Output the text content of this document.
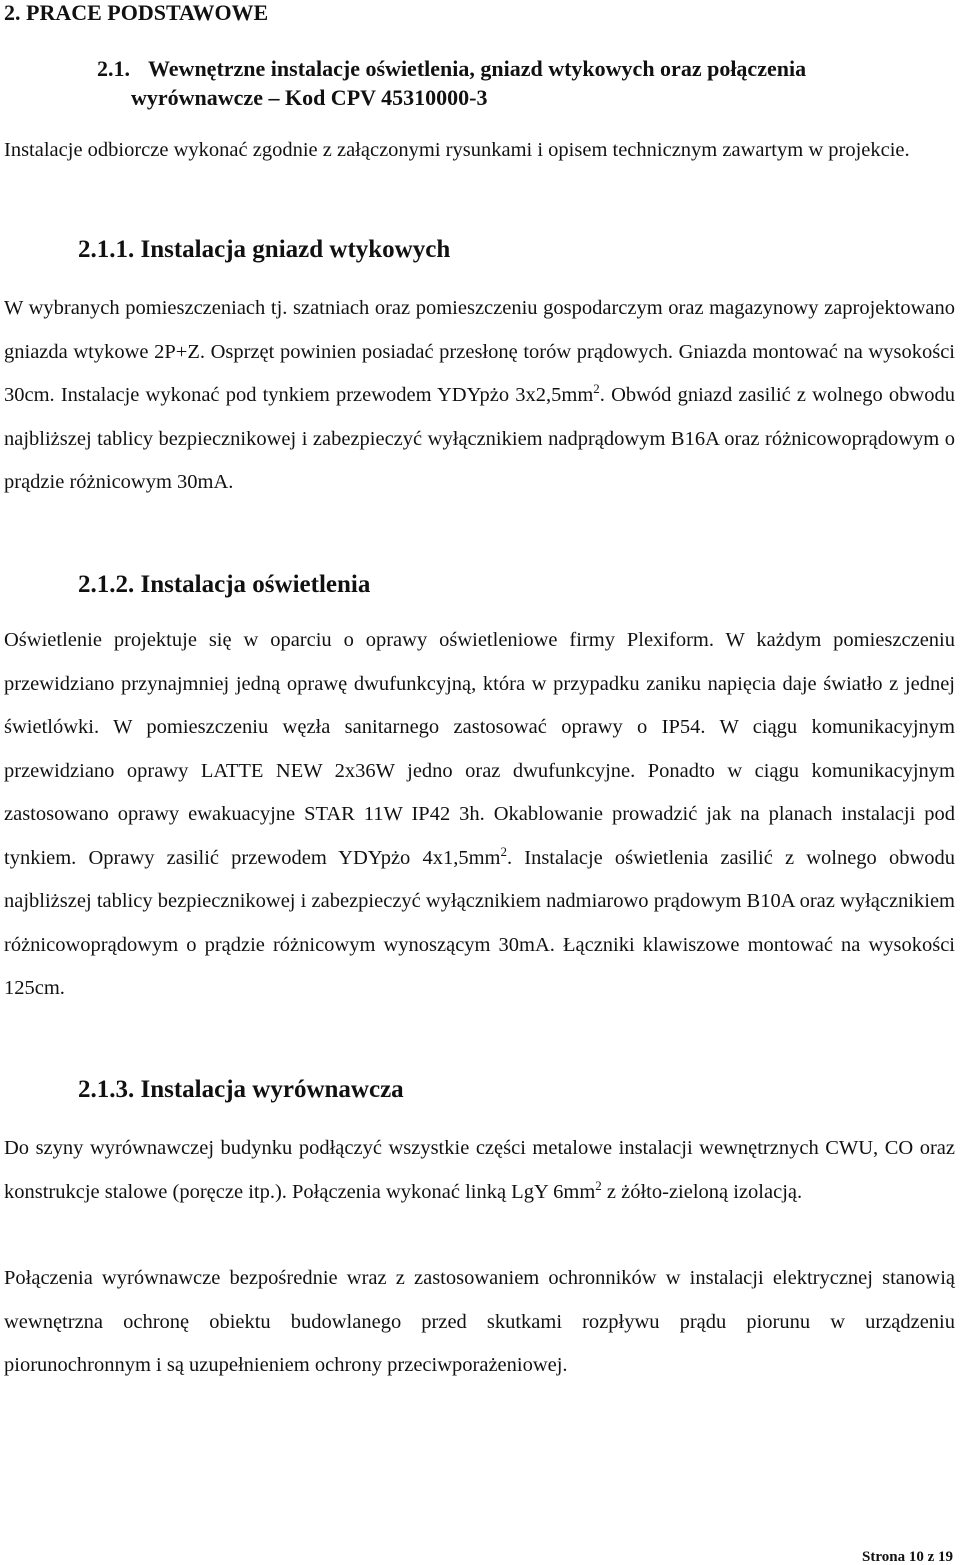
2. PRACE PODSTAWOWE
2.1. Wewnętrzne instalacje oświetlenia, gniazd wtykowych oraz połączenia
wyrównawcze – Kod CPV 45310000-3

Instalacje odbiorcze wykonać zgodnie z załączonymi rysunkami i opisem technicznym zawartym w projekcie.

2.1.1. Instalacja gniazd wtykowych

W wybranych pomieszczeniach tj. szatniach oraz pomieszczeniu gospodarczym oraz magazynowy zaprojektowano gniazda wtykowe 2P+Z. Osprzęt powinien posiadać przesłonę torów prądowych. Gniazda montować na wysokości 30cm. Instalacje wykonać pod tynkiem przewodem YDYpżo $3x2,5mm^2$. Obwód gniazd zasilić z wolnego obwodu najbliższej tablicy bezpiecznikowej i zabezpieczyć wyłącznikiem nadprądowym B16A oraz różnicowoprądowym o prądzie różnicowym 30mA.

2.1.2. Instalacja oświetlenia

Oświetlenie projektuje się w oparciu o oprawy oświetleniowe firmy Plexiform. W każdym pomieszczeniu przewidziano przynajmniej jedną oprawę dwufunkcyjną, która w przypadku zaniku napięcia daje światło z jednej świetlówki. W pomieszczeniu węzła sanitarnego zastosować oprawy o IP54. W ciągu komunikacyjnym przewidziano oprawy LATTE NEW 2x36W jedno oraz dwufunkcyjne. Ponadto w ciągu komunikacyjnym zastosowano oprawy ewakuacyjne STAR 11W IP42 3h. Okablowanie prowadzić jak na planach instalacji pod tynkiem. Oprawy zasilić przewodem YDYpżo $4x1,5mm^2$. Instalacje oświetlenia zasilić z wolnego obwodu najbliższej tablicy bezpiecznikowej i zabezpieczyć wyłącznikiem nadmiarowo prądowym B10A oraz wyłącznikiem różnicowoprądowym o prądzie różnicowym wynoszącym 30mA. Łączniki klawiszowe montować na wysokości 125cm.

2.1.3. Instalacja wyrównawcza

Do szyny wyrównawczej budynku podłączyć wszystkie części metalowe instalacji wewnętrznych CWU, CO oraz konstrukcje stalowe (poręcze itp.). Połączenia wykonać linką LgY $6mm^2$ z żółto-zieloną izolacją.

Połączenia wyrównawcze bezpośrednie wraz z zastosowaniem ochronników w instalacji elektrycznej stanowią wewnętrzna ochronę obiektu budowlanego przed skutkami rozpływu prądu piorunu w urządzeniu piorunochronnym i są uzupełnieniem ochrony przeciwporażeniowej.

Strona 10 z 19
